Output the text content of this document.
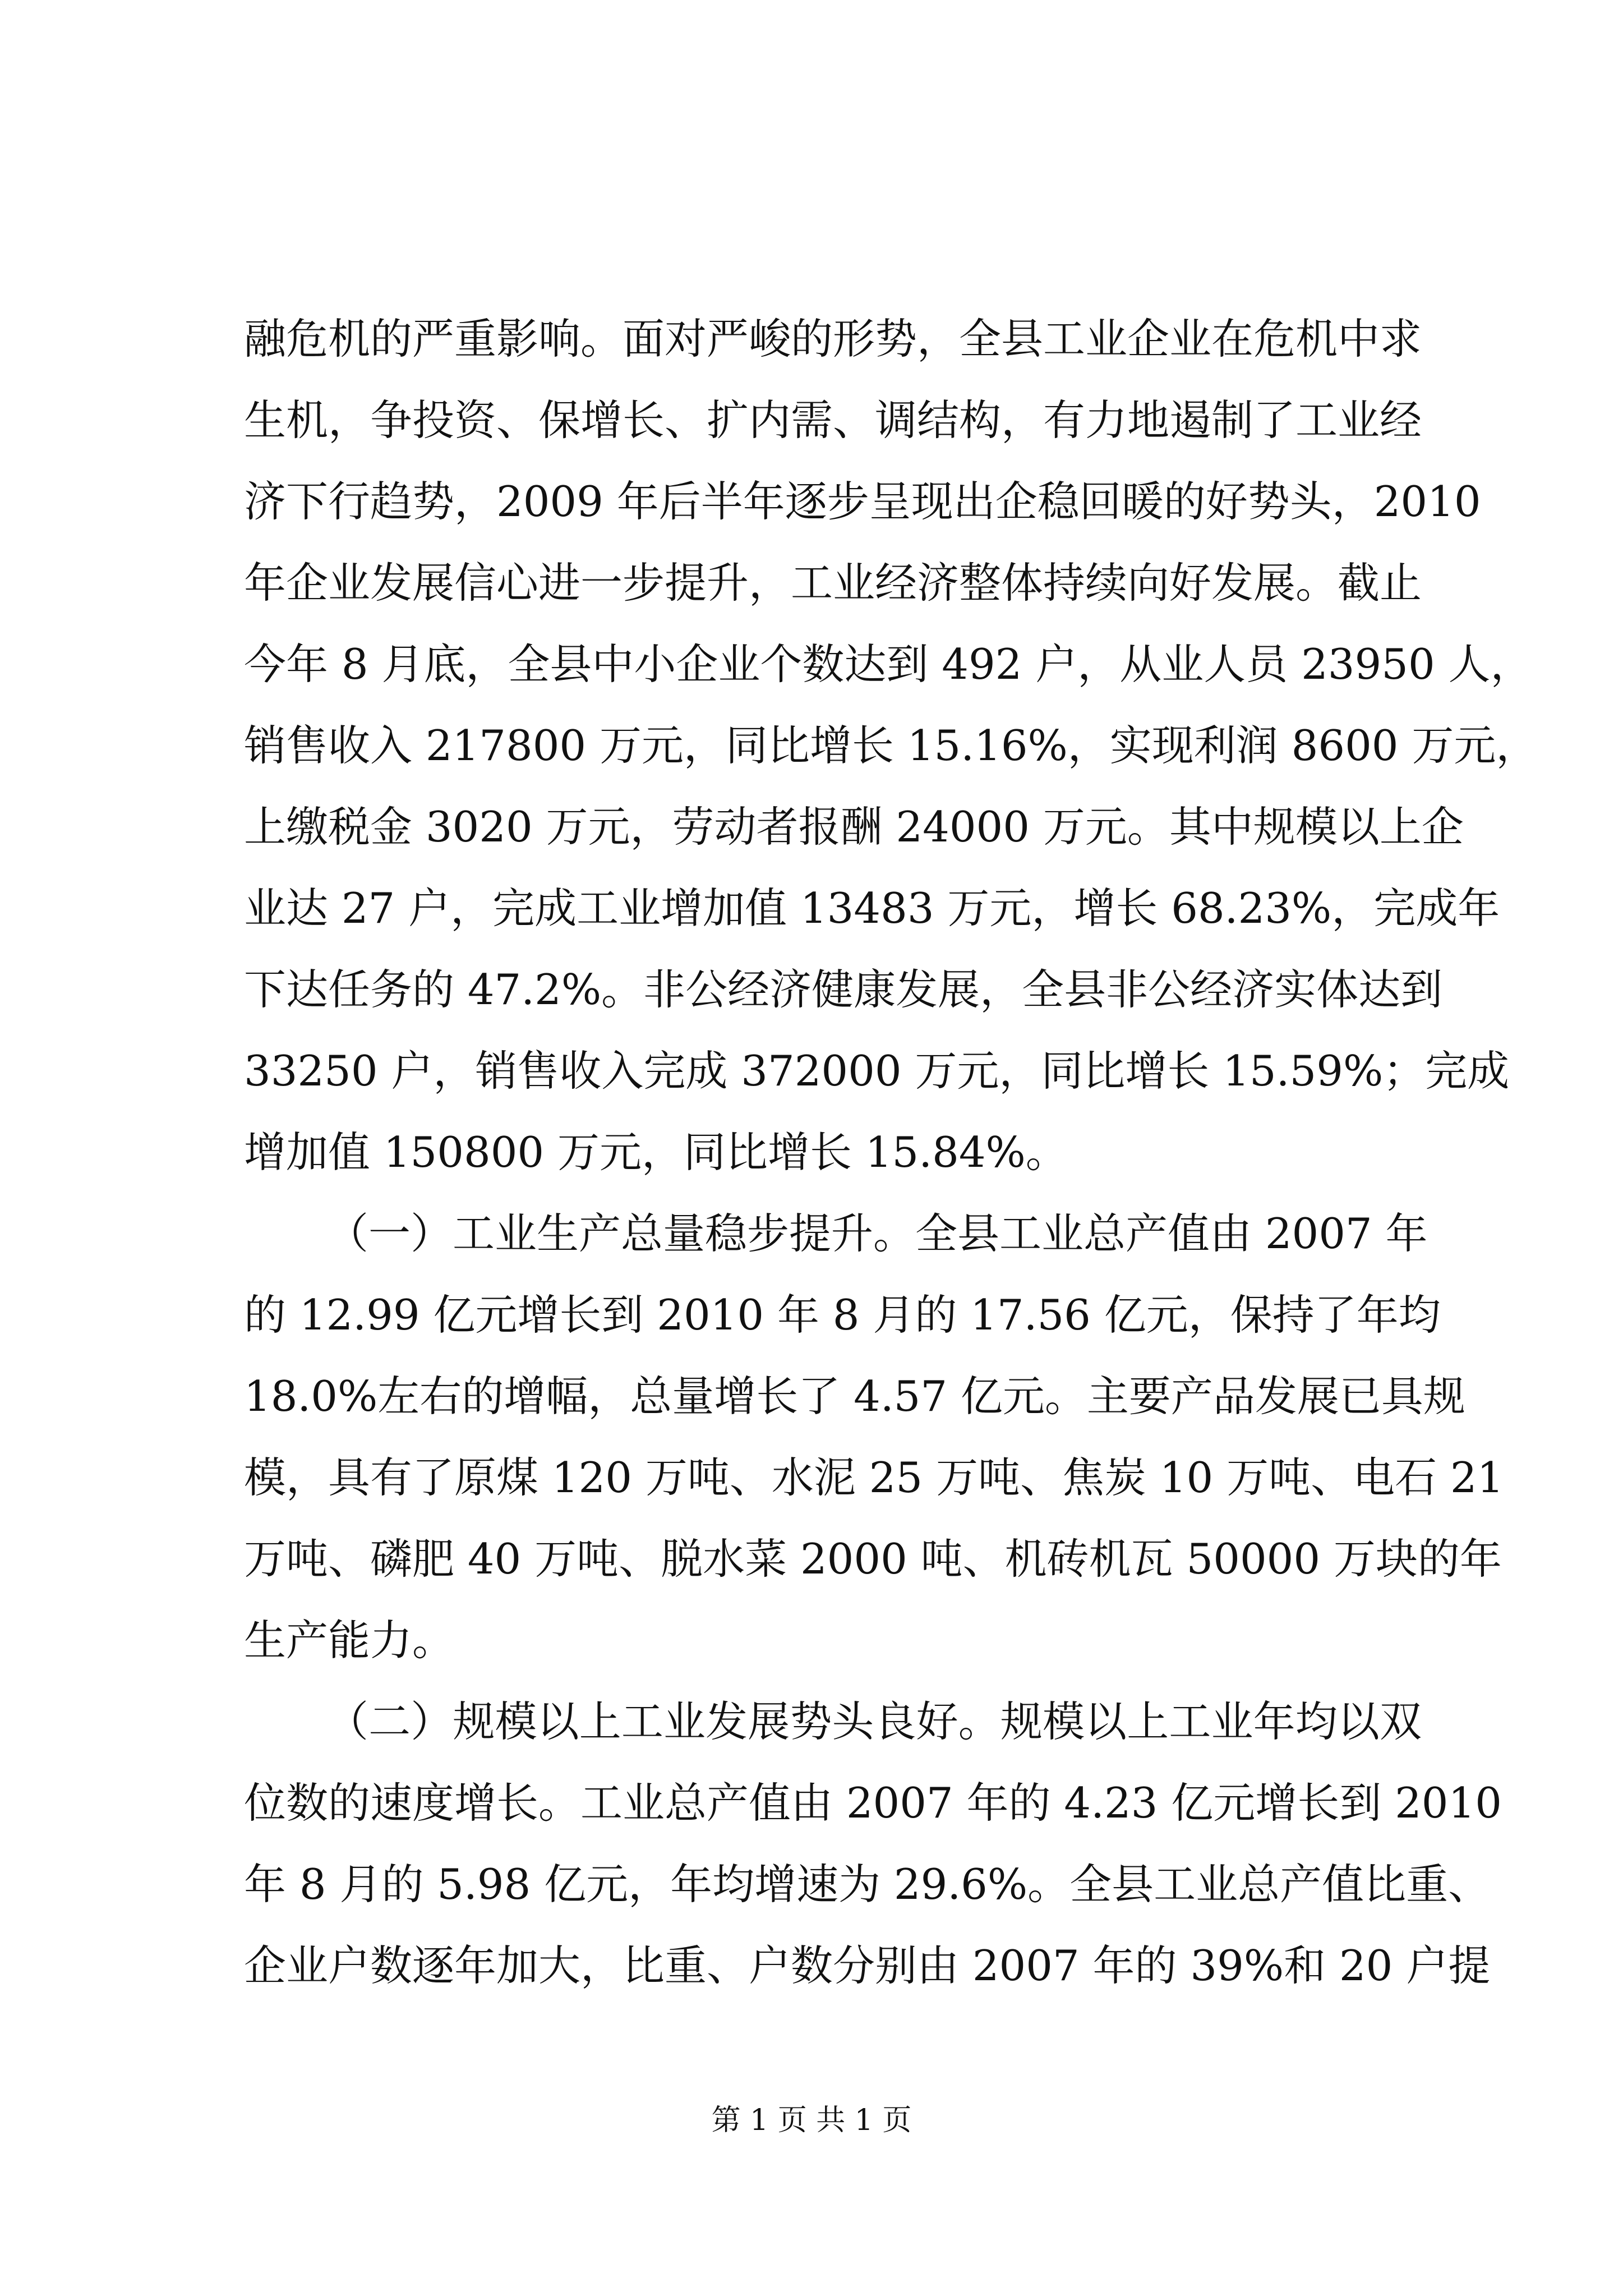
融危机的严重影响。面对严峻的形势，全县工业企业在危机中求
生机，争投资、保增长、扩内需、调结构，有力地遏制了工业经
济下行趋势，2009 年后半年逐步呈现出企稳回暖的好势头，2010
年企业发展信心进一步提升，工业经济整体持续向好发展。截止
今年 8 月底，全县中小企业个数达到 492 户，从业人员 23950 人，
销售收入 217800 万元，同比增长 15.16%，实现利润 8600 万元，
上缴税金 3020 万元，劳动者报酬 24000 万元。其中规模以上企
业达 27 户，完成工业增加值 13483 万元，增长 68.23%，完成年
下达任务的 47.2%。非公经济健康发展，全县非公经济实体达到
33250 户，销售收入完成 372000 万元，同比增长 15.59%；完成
增加值 150800 万元，同比增长 15.84%。
（一）工业生产总量稳步提升。全县工业总产值由 2007 年
的 12.99 亿元增长到 2010 年 8 月的 17.56 亿元，保持了年均
18.0%左右的增幅，总量增长了 4.57 亿元。主要产品发展已具规
模，具有了原煤 120 万吨、水泥 25 万吨、焦炭 10 万吨、电石 21
万吨、磷肥 40 万吨、脱水菜 2000 吨、机砖机瓦 50000 万块的年
生产能力。
（二）规模以上工业发展势头良好。规模以上工业年均以双
位数的速度增长。工业总产值由 2007 年的 4.23 亿元增长到 2010
年 8 月的 5.98 亿元，年均增速为 29.6%。全县工业总产值比重、
企业户数逐年加大，比重、户数分别由 2007 年的 39%和 20 户提
第 1 页 共 1 页
